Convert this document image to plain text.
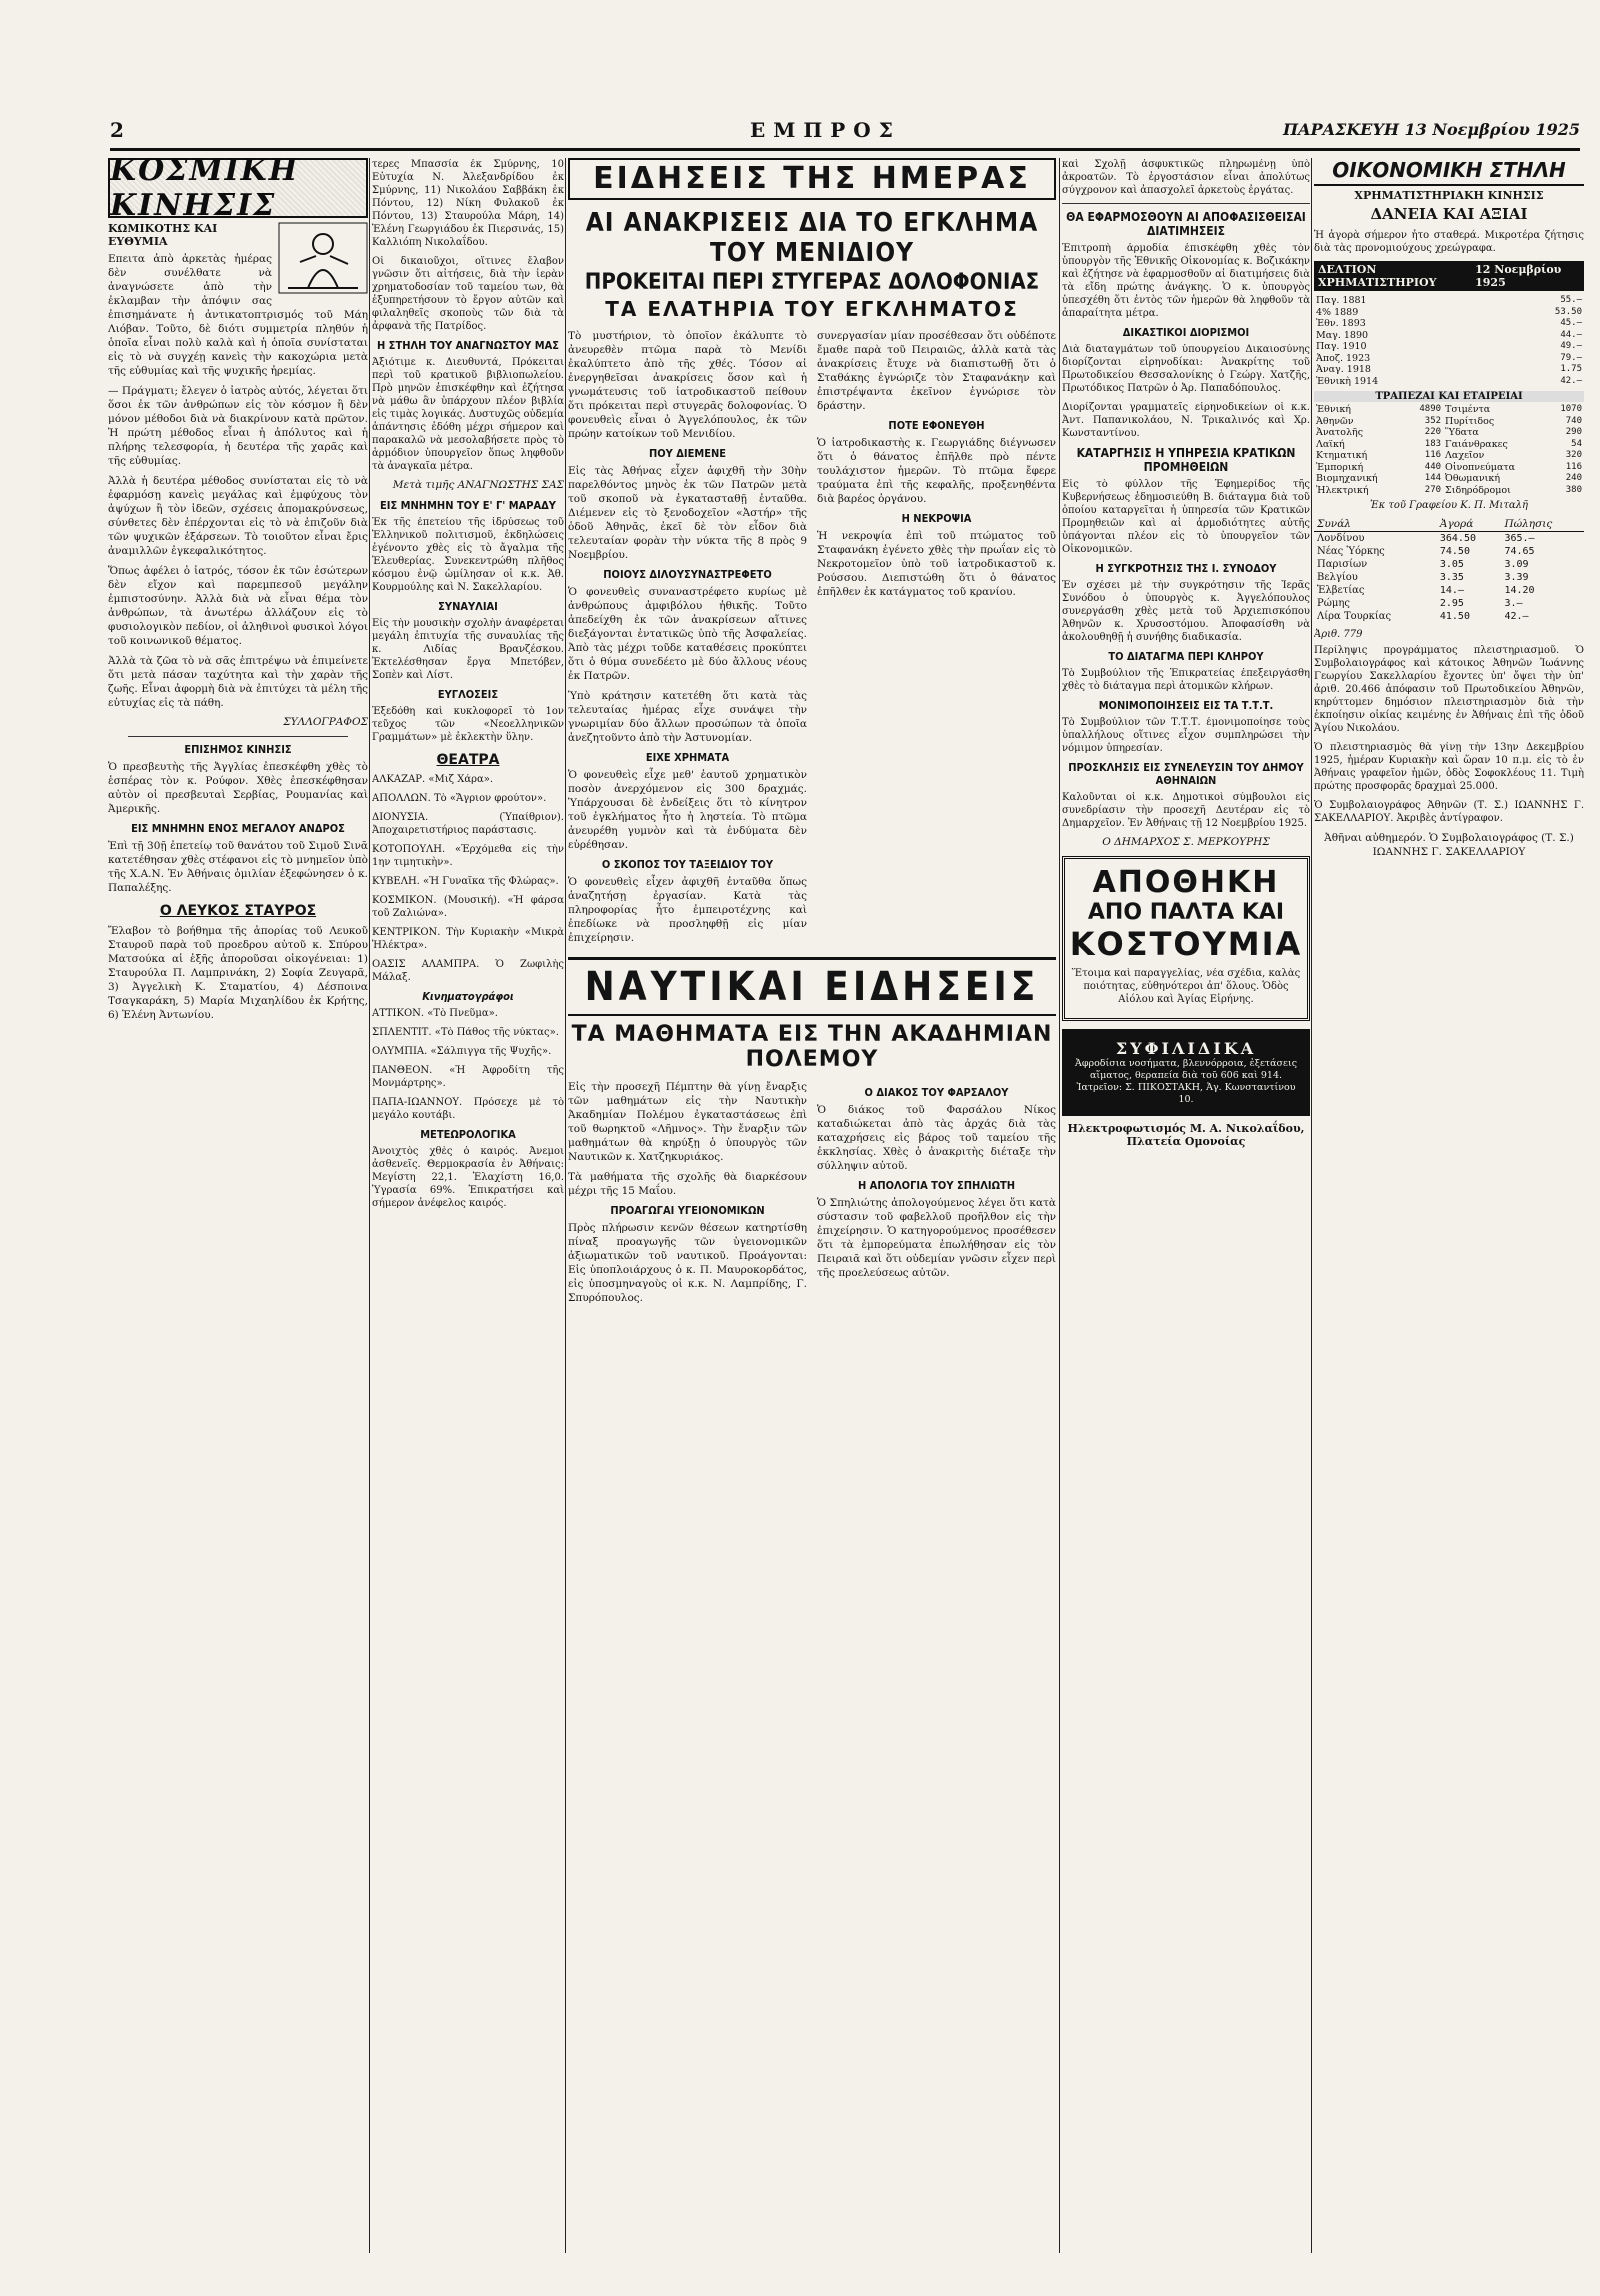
2	ΕΜΠΡΟΣ	ΠΑΡΑΣΚΕΥΗ 13 Νοεμβρίου 1925
ΚΟΣΜΙΚΗ ΚΙΝΗΣΙΣ
ΚΩΜΙΚΟΤΗΣ ΚΑΙ ΕΥΘΥΜΙΑ

Επειτα ἀπὸ ἀρκετὰς ἡμέρας δὲν συνέλθατε νὰ ἀναγνώσετε ἀπὸ τὴν ἐκλαμβαν τὴν ἀπόψιν σας ἐπισημάνατε ἡ ἀντικατοπτρισμός τοῦ Μάη Λιόβαν. Τοῦτο, δὲ διότι συμμετρία πληθύν ἡ ὁποῖα εἶναι πολὺ καλὰ καὶ ἡ ὁποῖα συνίσταται εἰς τὸ νὰ συγχέῃ κανεὶς τὴν κακοχώρια μετὰ τῆς εὐθυμίας καὶ τῆς ψυχικῆς ἠρεμίας.

— Πράγματι; ἔλεγεν ὁ ἰατρὸς αὐτός, λέγεται ὅτι ὅσοι ἐκ τῶν ἀνθρώπων εἰς τὸν κόσμον ἢ δὲν μόνον μέθοδοι διὰ νὰ διακρίνουν κατὰ πρῶτον. Ἡ πρώτη μέθοδος εἶναι ἡ ἀπόλυτος καὶ ἡ πλήρης τελεσφορία, ἡ δευτέρα τῆς χαρᾶς καὶ τῆς εὐθυμίας.

Ἀλλὰ ἡ δευτέρα μέθοδος συνίσταται εἰς τὸ νὰ ἐφαρμόσῃ κανεὶς μεγάλας καὶ ἐμφύχους τὸν ἀψύχων ἢ τὸν ἰδεῶν, σχέσεις ἀπομακρύνσεως, σύνθετες δὲν ἐπέρχονται εἰς τὸ νὰ ἐπιζοῦν διὰ τῶν ψυχικῶν ἐξάρσεων. Τὸ τοιοῦτον εἶναι ἔρις ἀναμιλλῶν ἐγκεφαλικότητος.

Ὅπως ἀφέλει ὁ ἰατρός, τόσον ἐκ τῶν ἐσώτερων δὲν εἴχον καὶ παρεμπεσοῦ μεγάλην ἐμπιστοσύνην. Ἀλλὰ διὰ νὰ εἶναι θέμα τὸν ἀνθρώπων, τὰ ἀνωτέρω ἀλλάζουν εἰς τὸ φυσιολογικὸν πεδίον, οἱ ἀληθινοὶ φυσικοὶ λόγοι τοῦ κοινωνικοῦ θέματος.

Ἀλλὰ τὰ ζῶα τὸ νὰ σᾶς ἐπιτρέψω νὰ ἐπιμείνετε ὅτι μετὰ πάσαν ταχύτητα καὶ τὴν χαρὰν τῆς ζωῆς. Εἶναι ἀφορμὴ διὰ νὰ ἐπιτύχει τὰ μέλη τῆς εὐτυχίας εἰς τὰ πάθη.

ΣΥΛΛΟΓΡΑΦΟΣ
ΕΠΙΣΗΜΟΣ ΚΙΝΗΣΙΣ

Ὁ πρεσβευτὴς τῆς Ἀγγλίας ἐπεσκέφθη χθὲς τὸ ἑσπέρας τὸν κ. Ρούφον. Χθὲς ἐπεσκέφθησαν αὐτὸν οἱ πρεσβευταὶ Σερβίας, Ρουμανίας καὶ Ἀμερικῆς.

ΕΙΣ ΜΝΗΜΗΝ ΕΝΟΣ ΜΕΓΑΛΟΥ ΑΝΔΡΟΣ

Ἐπὶ τῇ 30ῇ ἐπετείῳ τοῦ θανάτου τοῦ Σιμοῦ Σινᾶ κατετέθησαν χθὲς στέφανοι εἰς τὸ μνημεῖον ὑπὸ τῆς Χ.Α.Ν. Ἐν Ἀθήναις ὁμιλίαν ἐξεφώνησεν ὁ κ. Παπαλέξης.

Ο ΛΕΥΚΟΣ ΣΤΑΥΡΟΣ

Ἔλαβον τὸ βοήθημα τῆς ἀπορίας τοῦ Λευκοῦ Σταυροῦ παρὰ τοῦ προεδρου αὐτοῦ κ. Σπύρου Ματσούκα αἱ ἑξῆς ἀποροῦσαι οἰκογένειαι: 1) Σταυρούλα Π. Λαμπρινάκη, 2) Σοφία Ζευγαρᾶ, 3) Ἀγγελικὴ Κ. Σταματίου, 4) Δέσποινα Τσαγκαράκη, 5) Μαρία Μιχαηλίδου ἐκ Κρήτης, 6) Ἑλένη Ἀντωνίου.

τερες Μπασσία ἐκ Σμύρνης, 10 Εὐτυχία Ν. Ἀλεξανδρίδου ἐκ Σμύρνης, 11) Νικολάου Σαββάκη ἐκ Πόντου, 12) Νίκη Φυλακοῦ ἐκ Πόντου, 13) Σταυρούλα Μάρη, 14) Ἑλένη Γεωργιάδου ἐκ Πιερσινάς, 15) Καλλιόπη Νικολαΐδου.

Οἱ δικαιοῦχοι, οἵτινες ἔλαβον γνῶσιν ὅτι αἰτήσεις, διὰ τὴν ἱερὰν χρηματοδοσίαν τοῦ ταμείου των, θὰ ἐξυπηρετήσουν τὸ ἔργον αὐτῶν καὶ φιλαληθεῖς σκοποὺς τῶν διὰ τὰ ἀρφανὰ τῆς Πατρίδος.

Η ΣΤΗΛΗ ΤΟΥ ΑΝΑΓΝΩΣΤΟΥ ΜΑΣ

Ἀξιότιμε κ. Διευθυντά, Πρόκειται περὶ τοῦ κρατικοῦ βιβλιοπωλείου. Πρὸ μηνῶν ἐπισκέφθην καὶ ἐζήτησα νὰ μάθω ἂν ὑπάρχουν πλέον βιβλία εἰς τιμὰς λογικάς. Δυστυχῶς οὐδεμία ἀπάντησις ἐδόθη μέχρι σήμερον καὶ παρακαλῶ νὰ μεσολαβήσετε πρὸς τὸ ἁρμόδιον ὑπουργεῖον ὅπως ληφθοῦν τὰ ἀναγκαῖα μέτρα.

Μετὰ τιμῆς ΑΝΑΓΝΩΣΤΗΣ ΣΑΣ
ΕΙΣ ΜΝΗΜΗΝ ΤΟΥ Ε' Γ' ΜΑΡΑΔΥ

Ἐκ τῆς ἐπετείου τῆς ἱδρύσεως τοῦ Ἑλληνικοῦ πολιτισμοῦ, ἐκδηλώσεις ἐγένοντο χθὲς εἰς τὸ ἄγαλμα τῆς Ἐλευθερίας. Συνεκεντρώθη πλῆθος κόσμου ἐνῷ ὡμίλησαν οἱ κ.κ. Ἀθ. Κουρμούλης καὶ Ν. Σακελλαρίου.

ΣΥΝΑΥΛΙΑΙ

Εἰς τὴν μουσικὴν σχολὴν ἀναφέρεται μεγάλη ἐπιτυχία τῆς συναυλίας τῆς κ. Λιδίας Βρανζέσκου. Ἐκτελέσθησαν ἔργα Μπετόβεν, Σοπὲν καὶ Λίστ.

ΕΥΓΛΟΣΕΙΣ

Ἐξεδόθη καὶ κυκλοφορεῖ τὸ 1ον τεῦχος τῶν «Νεοελληνικῶν Γραμμάτων» μὲ ἐκλεκτὴν ὕλην.

ΘΕΑΤΡΑ

ΑΛΚΑΖΑΡ. «Μιζ Χάρα».

ΑΠΟΛΛΩΝ. Τὸ «Ἄγριον φρούτον».

ΔΙΟΝΥΣΙΑ. (Ὑπαίθριον). Ἀποχαιρετιστήριος παράστασις.

ΚΟΤΟΠΟΥΛΗ. «Ἐρχόμεθα εἰς τὴν 1ην τιμητικὴν».

ΚΥΒΕΛΗ. «Ἡ Γυναῖκα τῆς Φλώρας».

ΚΟΣΜΙΚΟΝ. (Μουσική). «Ἡ φάρσα τοῦ Ζαλιώνα».

ΚΕΝΤΡΙΚΟΝ. Τὴν Κυριακὴν «Μικρὰ Ἡλέκτρα».

ΟΑΣΙΣ ΑΛΑΜΠΡΑ. Ὁ Ζωφιλὴς Μάλαξ.

Κινηματογράφοι

ΑΤΤΙΚΟΝ. «Τὸ Πνεῦμα».

ΣΠΛΕΝΤΙΤ. «Τὸ Πάθος τῆς νύκτας».

ΟΛΥΜΠΙΑ. «Σάλπιγγα τῆς Ψυχῆς».

ΠΑΝΘΕΟΝ. «Ἡ Ἀφροδίτη τῆς Μονμάρτρης».

ΠΑΠΑ-ΙΩΑΝΝΟΥ. Πρόσεχε μὲ τὸ μεγάλο κουτάβι.

ΜΕΤΕΩΡΟΛΟΓΙΚΑ

Ἀνοιχτὸς χθὲς ὁ καιρός. Ἀνεμοι ἀσθενεῖς. Θερμοκρασία ἐν Ἀθήναις: Μεγίστη 22,1. Ἐλαχίστη 16,0. Ὑγρασία 69%. Ἐπικρατήσει καὶ σήμερον ἀνέφελος καιρός.

ΕΙΔΗΣΕΙΣ ΤΗΣ ΗΜΕΡΑΣ
ΑΙ ΑΝΑΚΡΙΣΕΙΣ ΔΙΑ ΤΟ ΕΓΚΛΗΜΑ ΤΟΥ ΜΕΝΙΔΙΟΥ
ΠΡΟΚΕΙΤΑΙ ΠΕΡΙ ΣΤΥΓΕΡΑΣ ΔΟΛΟΦΟΝΙΑΣ
ΤΑ ΕΛΑΤΗΡΙΑ ΤΟΥ ΕΓΚΛΗΜΑΤΟΣ

Τὸ μυστήριον, τὸ ὁποῖον ἐκάλυπτε τὸ ἀνευρεθὲν πτῶμα παρὰ τὸ Μενίδι ἐκαλύπτετο ἀπὸ τῆς χθές. Τόσον αἱ ἐνεργηθεῖσαι ἀνακρίσεις ὅσον καὶ ἡ γνωμάτευσις τοῦ ἰατροδικαστοῦ πείθουν ὅτι πρόκειται περὶ στυγερᾶς δολοφονίας. Ὁ φονευθεὶς εἶναι ὁ Ἀγγελόπουλος, ἐκ τῶν πρώην κατοίκων τοῦ Μενιδίου.

ΠΟΥ ΔΙΕΜΕΝΕ

Εἰς τὰς Ἀθήνας εἶχεν ἀφιχθῆ τὴν 30ὴν παρελθόντος μηνὸς ἐκ τῶν Πατρῶν μετὰ τοῦ σκοποῦ νὰ ἐγκατασταθῇ ἐνταῦθα. Διέμενεν εἰς τὸ ξενοδοχεῖον «Ἀστήρ» τῆς ὁδοῦ Ἀθηνᾶς, ἐκεῖ δὲ τὸν εἶδον διὰ τελευταίαν φορὰν τὴν νύκτα τῆς 8 πρὸς 9 Νοεμβρίου.

ΠΟΙΟΥΣ ΔΙΛΟΥΣΥΝΑΣΤΡΕΦΕΤΟ

Ὁ φονευθεὶς συναναστρέφετο κυρίως μὲ ἀνθρώπους ἀμφιβόλου ἠθικῆς. Τοῦτο ἀπεδείχθη ἐκ τῶν ἀνακρίσεων αἵτινες διεξάγονται ἐντατικῶς ὑπὸ τῆς Ἀσφαλείας. Ἀπὸ τὰς μέχρι τοῦδε καταθέσεις προκύπτει ὅτι ὁ θύμα συνεδέετο μὲ δύο ἄλλους νέους ἐκ Πατρῶν.

Ὑπὸ κράτησιν κατετέθη ὅτι κατὰ τὰς τελευταίας ἡμέρας εἶχε συνάψει τὴν γνωριμίαν δύο ἄλλων προσώπων τὰ ὁποῖα ἀνεζητοῦντο ἀπὸ τὴν Ἀστυνομίαν.

ΕΙΧΕ ΧΡΗΜΑΤΑ

Ὁ φονευθεὶς εἶχε μεθ' ἑαυτοῦ χρηματικὸν ποσὸν ἀνερχόμενον εἰς 300 δραχμάς. Ὑπάρχουσαι δὲ ἐνδείξεις ὅτι τὸ κίνητρον τοῦ ἐγκλήματος ἦτο ἡ ληστεία. Τὸ πτῶμα ἀνευρέθη γυμνὸν καὶ τὰ ἐνδύματα δὲν εὑρέθησαν.

Ο ΣΚΟΠΟΣ ΤΟΥ ΤΑΞΕΙΔΙΟΥ ΤΟΥ

Ὁ φονευθεὶς εἶχεν ἀφιχθῆ ἐνταῦθα ὅπως ἀναζητήσῃ ἐργασίαν. Κατὰ τὰς πληροφορίας ἦτο ἐμπειροτέχνης καὶ ἐπεδίωκε νὰ προσληφθῇ εἰς μίαν ἐπιχείρησιν.

συνεργασίαν μίαν προσέθεσαν ὅτι οὐδέποτε ἔμαθε παρὰ τοῦ Πειραιῶς, ἀλλὰ κατὰ τὰς ἀνακρίσεις ἔτυχε νὰ διαπιστωθῇ ὅτι ὁ Σταθάκης ἐγνώριζε τὸν Σταφανάκην καὶ ἐπιστρέψαντα ἐκεῖνον ἐγνώρισε τὸν δράστην.

ΠΟΤΕ ΕΦΟΝΕΥΘΗ

Ὁ ἰατροδικαστὴς κ. Γεωργιάδης διέγνωσεν ὅτι ὁ θάνατος ἐπῆλθε πρὸ πέντε τουλάχιστον ἡμερῶν. Τὸ πτῶμα ἔφερε τραύματα ἐπὶ τῆς κεφαλῆς, προξενηθέντα διὰ βαρέος ὀργάνου.

Η ΝΕΚΡΟΨΙΑ

Ἡ νεκροψία ἐπὶ τοῦ πτώματος τοῦ Σταφανάκη ἐγένετο χθὲς τὴν πρωΐαν εἰς τὸ Νεκροτομεῖον ὑπὸ τοῦ ἰατροδικαστοῦ κ. Ρούσσου. Διεπιστώθη ὅτι ὁ θάνατος ἐπῆλθεν ἐκ κατάγματος τοῦ κρανίου.

ΝΑΥΤΙΚΑΙ ΕΙΔΗΣΕΙΣ
ΤΑ ΜΑΘΗΜΑΤΑ ΕΙΣ ΤΗΝ ΑΚΑΔΗΜΙΑΝ ΠΟΛΕΜΟΥ

Εἰς τὴν προσεχῆ Πέμπτην θὰ γίνῃ ἔναρξις τῶν μαθημάτων εἰς τὴν Ναυτικὴν Ἀκαδημίαν Πολέμου ἐγκαταστάσεως ἐπὶ τοῦ θωρηκτοῦ «Λῆμνος». Τὴν ἔναρξιν τῶν μαθημάτων θὰ κηρύξῃ ὁ ὑπουργὸς τῶν Ναυτικῶν κ. Χατζηκυριάκος.

Τὰ μαθήματα τῆς σχολῆς θὰ διαρκέσουν μέχρι τῆς 15 Μαΐου.

ΠΡΟΑΓΩΓΑΙ ΥΓΕΙΟΝΟΜΙΚΩΝ

Πρὸς πλήρωσιν κενῶν θέσεων κατηρτίσθη πίναξ προαγωγῆς τῶν ὑγειονομικῶν ἀξιωματικῶν τοῦ ναυτικοῦ. Προάγονται: Εἰς ὑποπλοιάρχους ὁ κ. Π. Μαυροκορδάτος, εἰς ὑποσμηναγοὺς οἱ κ.κ. Ν. Λαμπρίδης, Γ. Σπυρόπουλος.

Ο ΔΙΑΚΟΣ ΤΟΥ ΦΑΡΣΑΛΟΥ

Ὁ διάκος τοῦ Φαρσάλου Νίκος καταδιώκεται ἀπὸ τὰς ἀρχάς διὰ τὰς καταχρήσεις εἰς βάρος τοῦ ταμείου τῆς ἐκκλησίας. Χθὲς ὁ ἀνακριτὴς διέταξε τὴν σύλληψιν αὐτοῦ.

Η ΑΠΟΛΟΓΙΑ ΤΟΥ ΣΠΗΛΙΩΤΗ

Ὁ Σπηλιώτης ἀπολογούμενος λέγει ὅτι κατὰ σύστασιν τοῦ φαβελλοῦ προῆλθον εἰς τὴν ἐπιχείρησιν. Ὁ κατηγορούμενος προσέθεσεν ὅτι τὰ ἐμπορεύματα ἐπωλήθησαν εἰς τὸν Πειραιᾶ καὶ ὅτι οὐδεμίαν γνῶσιν εἶχεν περὶ τῆς προελεύσεως αὐτῶν.

καὶ Σχολῇ ἀσφυκτικῶς πληρωμένῃ ὑπὸ ἀκροατῶν. Τὸ ἐργοστάσιον εἶναι ἀπολύτως σύγχρονον καὶ ἀπασχολεῖ ἀρκετοὺς ἐργάτας.

ΘΑ ΕΦΑΡΜΟΣΘΟΥΝ ΑΙ ΑΠΟΦΑΣΙΣΘΕΙΣΑΙ ΔΙΑΤΙΜΗΣΕΙΣ

Ἐπιτροπὴ ἀρμοδία ἐπισκέφθη χθὲς τὸν ὑπουργὸν τῆς Ἐθνικῆς Οἰκονομίας κ. Βοζικάκην καὶ ἐζήτησε νὰ ἐφαρμοσθοῦν αἱ διατιμήσεις διὰ τὰ εἴδη πρώτης ἀνάγκης. Ὁ κ. ὑπουργὸς ὑπεσχέθη ὅτι ἐντὸς τῶν ἡμερῶν θὰ ληφθοῦν τὰ ἀπαραίτητα μέτρα.

ΔΙΚΑΣΤΙΚΟΙ ΔΙΟΡΙΣΜΟΙ

Διὰ διαταγμάτων τοῦ ὑπουργείου Δικαιοσύνης διορίζονται εἰρηνοδίκαι: Ἀνακρίτης τοῦ Πρωτοδικείου Θεσσαλονίκης ὁ Γεώργ. Χατζῆς, Πρωτόδικος Πατρῶν ὁ Ἀρ. Παπαδόπουλος.

Διορίζονται γραμματεῖς εἰρηνοδικείων οἱ κ.κ. Ἀντ. Παπανικολάου, Ν. Τρικαλινός καὶ Χρ. Κωνσταντίνου.

ΚΑΤΑΡΓΗΣΙΣ Η ΥΠΗΡΕΣΙΑ ΚΡΑΤΙΚΩΝ ΠΡΟΜΗΘΕΙΩΝ

Εἰς τὸ φύλλον τῆς Ἐφημερίδος τῆς Κυβερνήσεως ἐδημοσιεύθη Β. διάταγμα διὰ τοῦ ὁποίου καταργεῖται ἡ ὑπηρεσία τῶν Κρατικῶν Προμηθειῶν καὶ αἱ ἁρμοδιότητες αὐτῆς ὑπάγονται πλέον εἰς τὸ ὑπουργεῖον τῶν Οἰκονομικῶν.

Η ΣΥΓΚΡΟΤΗΣΙΣ ΤΗΣ Ι. ΣΥΝΟΔΟΥ

Ἐν σχέσει μὲ τὴν συγκρότησιν τῆς Ἱερᾶς Συνόδου ὁ ὑπουργὸς κ. Ἀγγελόπουλος συνεργάσθη χθὲς μετὰ τοῦ Ἀρχιεπισκόπου Ἀθηνῶν κ. Χρυσοστόμου. Ἀποφασίσθη νὰ ἀκολουθηθῇ ἡ συνήθης διαδικασία.

ΤΟ ΔΙΑΤΑΓΜΑ ΠΕΡΙ ΚΛΗΡΟΥ

Τὸ Συμβούλιον τῆς Ἐπικρατείας ἐπεξειργάσθη χθὲς τὸ διάταγμα περὶ ἀτομικῶν κλήρων.

ΜΟΝΙΜΟΠΟΙΗΣΕΙΣ ΕΙΣ ΤΑ Τ.Τ.Τ.

Τὸ Συμβούλιον τῶν Τ.Τ.Τ. ἐμονιμοποίησε τοὺς ὑπαλλήλους οἵτινες εἶχον συμπληρώσει τὴν νόμιμον ὑπηρεσίαν.

ΠΡΟΣΚΛΗΣΙΣ ΕΙΣ ΣΥΝΕΛΕΥΣΙΝ ΤΟΥ ΔΗΜΟΥ ΑΘΗΝΑΙΩΝ

Καλοῦνται οἱ κ.κ. Δημοτικοὶ σύμβουλοι εἰς συνεδρίασιν τὴν προσεχῆ Δευτέραν εἰς τὸ Δημαρχεῖον. Ἐν Ἀθήναις τῇ 12 Νοεμβρίου 1925.

Ο ΔΗΜΑΡΧΟΣ Σ. ΜΕΡΚΟΥΡΗΣ
ΑΠΟΘΗΚΗ
ΑΠΟ ΠΑΛΤΑ ΚΑΙ
ΚΟΣΤΟΥΜΙΑ

Ἕτοιμα καὶ παραγγελίας, νέα σχέδια, καλὰς ποιότητας, εὐθηνότεροι ἀπ' ὅλους. Ὁδὸς Αἰόλου καὶ Ἀγίας Εἰρήνης.

ΣΥΦΙΛΙΔΙΚΑ
Ἀφροδίσια νοσήματα, βλεννόρροια, ἐξετάσεις αἵματος, θεραπεία διὰ τοῦ 606 καὶ 914. Ἰατρεῖον: Σ. ΠΙΚΟΣΤΑΚΗ, Ἀγ. Κωνσταντίνου 10.
Ηλεκτροφωτισμός Μ. Α. Νικολαΐδου, Πλατεία Ομονοίας
ΟΙΚΟΝΟΜΙΚΗ ΣΤΗΛΗ
ΧΡΗΜΑΤΙΣΤΗΡΙΑΚΗ ΚΙΝΗΣΙΣ
ΔΑΝΕΙΑ ΚΑΙ ΑΞΙΑΙ

Ἡ ἀγορὰ σήμερον ἦτο σταθερά. Μικροτέρα ζήτησις διὰ τὰς προνομιούχους χρεώγραφα.

ΔΕΛΤΙΟΝ ΧΡΗΜΑΤΙΣΤΗΡΙΟΥ
12 Νοεμβρίου 1925
Παγ. 1881	55.—
4% 1889	53.50
Ἐθν. 1893	45.—
Μαγ. 1890	44.—
Παγ. 1910	49.—
Ἀποζ. 1923	79.—
Ἀναγ. 1918	1.75
Ἐθνικὴ 1914	42.—
ΤΡΑΠΕΖΑΙ ΚΑΙ ΕΤΑΙΡΕΙΑΙ
Ἐθνική	4890	Τσιμέντα	1070
Ἀθηνῶν	352	Πυρίτιδος	740
Ἀνατολῆς	220	Ὕδατα	290
Λαϊκή	183	Γαιάνθρακες	54
Κτηματική	116	Λαχεῖον	320
Ἐμπορική	440	Οἰνοπνεύματα	116
Βιομηχανική	144	Ὀθωμανική	240
Ἠλεκτρική	270	Σιδηρόδρομοι	380
Ἐκ τοῦ Γραφείου Κ. Π. Μιταλῆ
Συνάλ	Ἀγορά	Πώλησις
Λονδίνου	364.50	365.—
Νέας Ὑόρκης	74.50	74.65
Παρισίων	3.05	3.09
Βελγίου	3.35	3.39
Ἑλβετίας	14.—	14.20
Ρώμης	2.95	3.—
Λίρα Τουρκίας	41.50	42.—
Ἀριθ. 779

Περίληψις προγράμματος πλειστηριασμοῦ. Ὁ Συμβολαιογράφος καὶ κάτοικος Ἀθηνῶν Ἰωάννης Γεωργίου Σακελλαρίου ἔχοντες ὑπ' ὄψει τὴν ὑπ' ἀριθ. 20.466 ἀπόφασιν τοῦ Πρωτοδικείου Ἀθηνῶν, κηρύττομεν δημόσιον πλειστηριασμὸν διὰ τὴν ἐκποίησιν οἰκίας κειμένης ἐν Ἀθήναις ἐπὶ τῆς ὁδοῦ Ἀγίου Νικολάου.

Ὁ πλειστηριασμὸς θὰ γίνῃ τὴν 13ην Δεκεμβρίου 1925, ἡμέραν Κυριακὴν καὶ ὥραν 10 π.μ. εἰς τὸ ἐν Ἀθήναις γραφεῖον ἡμῶν, ὁδὸς Σοφοκλέους 11. Τιμὴ πρώτης προσφορᾶς δραχμαὶ 25.000.

Ὁ Συμβολαιογράφος Ἀθηνῶν (Τ. Σ.) ΙΩΑΝΝΗΣ Γ. ΣΑΚΕΛΛΑΡΙΟΥ. Ἀκριβὲς ἀντίγραφον.

Ἀθῆναι αὐθημερόν. Ὁ Συμβολαιογράφος (Τ. Σ.) ΙΩΑΝΝΗΣ Γ. ΣΑΚΕΛΛΑΡΙΟΥ
